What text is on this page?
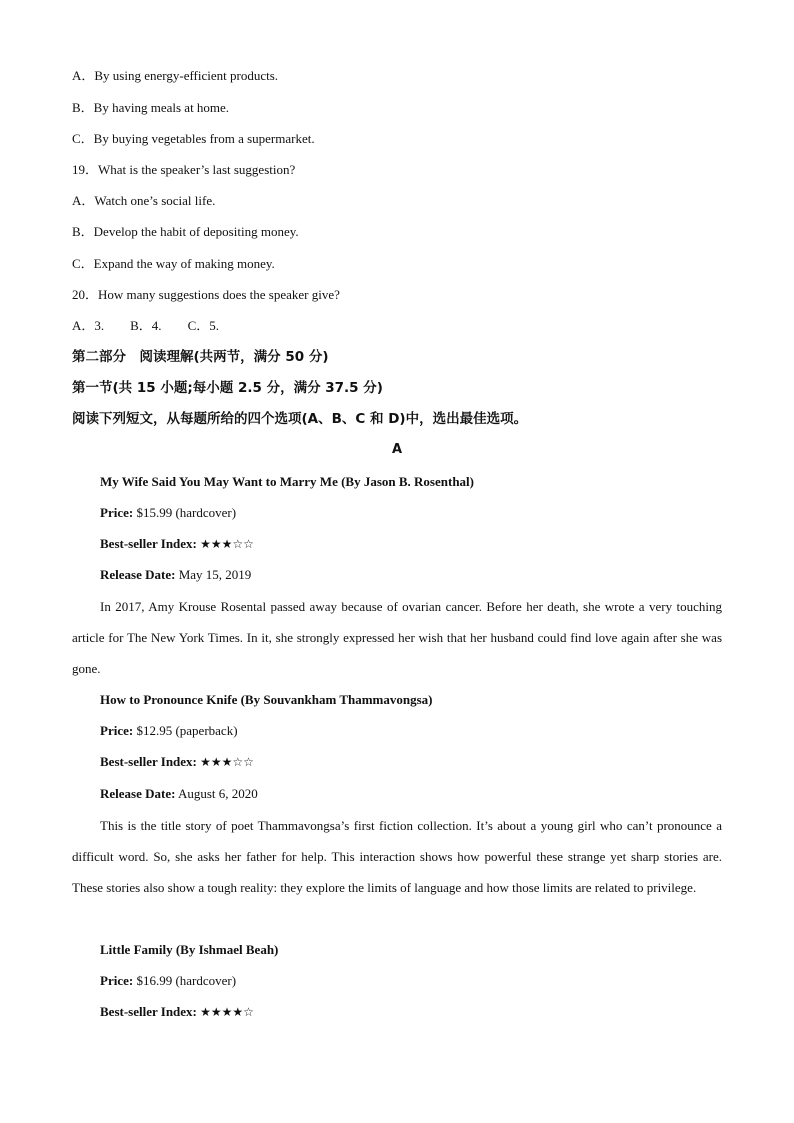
A．By using energy-efficient products.
B．By having meals at home.
C．By buying vegetables from a supermarket.
19．What is the speaker’s last suggestion?
A．Watch one’s social life.
B．Develop the habit of depositing money.
C．Expand the way of making money.
20．How many suggestions does the speaker give?
A．3. B．4. C．5.
第二部分　阅读理解(共两节，满分 50 分)
第一节(共 15 小题;每小题 2.5 分，满分 37.5 分)
阅读下列短文，从每题所给的四个选项(A、B、C 和 D)中，选出最佳选项。
A
My Wife Said You May Want to Marry Me (By Jason B. Rosenthal)
Price: $15.99 (hardcover)
Best-seller Index: ★★★☆☆
Release Date: May 15, 2019
In 2017, Amy Krouse Rosental passed away because of ovarian cancer. Before her death, she wrote a very touching article for The New York Times. In it, she strongly expressed her wish that her husband could find love again after she was gone.
How to Pronounce Knife (By Souvankham Thammavongsa)
Price: $12.95 (paperback)
Best-seller Index: ★★★☆☆
Release Date: August 6, 2020
This is the title story of poet Thammavongsa’s first fiction collection. It’s about a young girl who can’t pronounce a difficult word. So, she asks her father for help. This interaction shows how powerful these strange yet sharp stories are. These stories also show a tough reality: they explore the limits of language and how those limits are related to privilege.
Little Family (By Ishmael Beah)
Price: $16.99 (hardcover)
Best-seller Index: ★★★★☆
